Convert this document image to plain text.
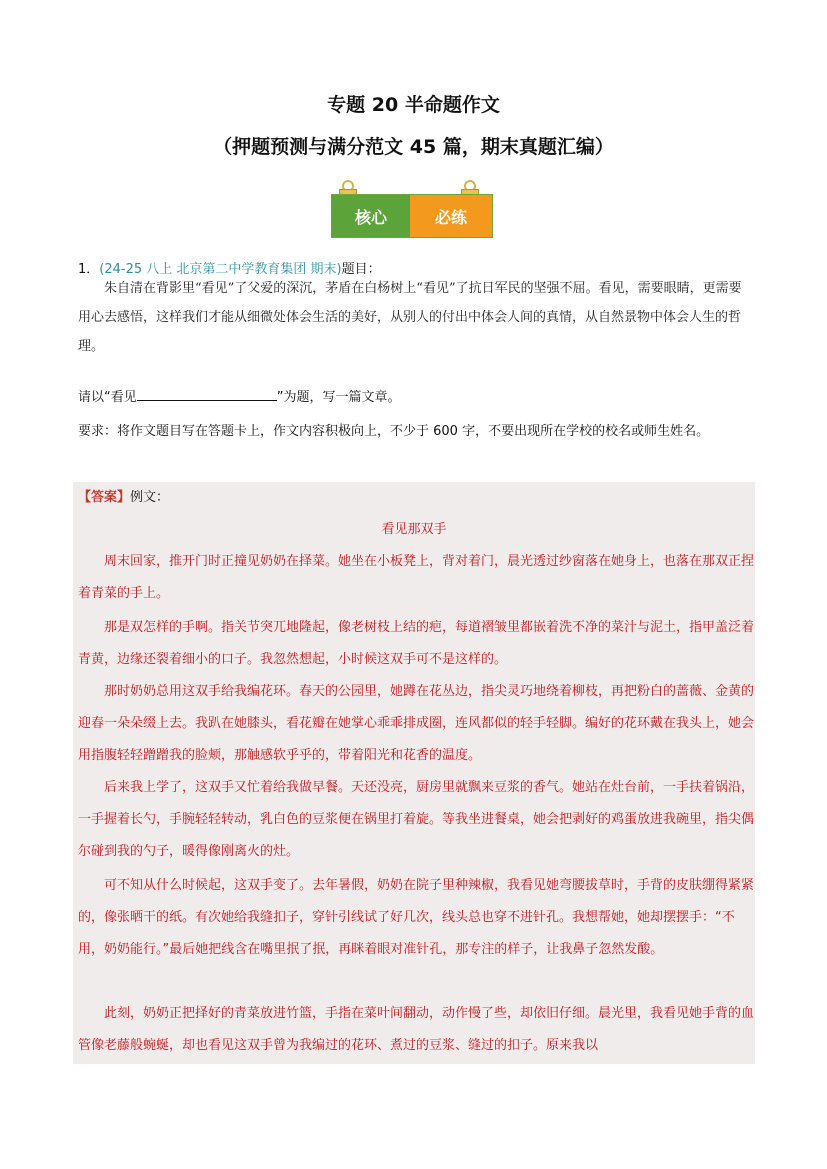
专题 20 半命题作文
（押题预测与满分范文 45 篇，期末真题汇编）
核心	必练
1．(24-25 八上 北京第二中学教育集团 期末)题目：

朱自清在背影里“看见”了父爱的深沉，茅盾在白杨树上“看见”了抗日军民的坚强不屈。看见，需要眼睛，更需要用心去感悟，这样我们才能从细微处体会生活的美好，从别人的付出中体会人间的真情，从自然景物中体会人生的哲理。

请以“看见	”为题，写一篇文章。
要求：将作文题目写在答题卡上，作文内容积极向上，不少于 600 字，不要出现所在学校的校名或师生姓名。
【答案】例文：
看见那双手

周末回家，推开门时正撞见奶奶在择菜。她坐在小板凳上，背对着门，晨光透过纱窗落在她身上，也落在那双正捏着青菜的手上。

那是双怎样的手啊。指关节突兀地隆起，像老树枝上结的疤，每道褶皱里都嵌着洗不净的菜汁与泥土，指甲盖泛着青黄，边缘还裂着细小的口子。我忽然想起，小时候这双手可不是这样的。

那时奶奶总用这双手给我编花环。春天的公园里，她蹲在花丛边，指尖灵巧地绕着柳枝，再把粉白的蔷薇、金黄的迎春一朵朵缀上去。我趴在她膝头，看花瓣在她掌心乖乖排成圈，连风都似的轻手轻脚。编好的花环戴在我头上，她会用指腹轻轻蹭蹭我的脸颊，那触感软乎乎的，带着阳光和花香的温度。

后来我上学了，这双手又忙着给我做早餐。天还没亮，厨房里就飘来豆浆的香气。她站在灶台前，一手扶着锅沿，一手握着长勺，手腕轻轻转动，乳白色的豆浆便在锅里打着旋。等我坐进餐桌，她会把剥好的鸡蛋放进我碗里，指尖偶尔碰到我的勺子，暖得像刚离火的灶。

可不知从什么时候起，这双手变了。去年暑假，奶奶在院子里种辣椒，我看见她弯腰拔草时，手背的皮肤绷得紧紧的，像张晒干的纸。有次她给我缝扣子，穿针引线试了好几次，线头总也穿不进针孔。我想帮她，她却摆摆手：“不用，奶奶能行。”最后她把线含在嘴里抿了抿，再眯着眼对准针孔，那专注的样子，让我鼻子忽然发酸。

此刻，奶奶正把择好的青菜放进竹篮，手指在菜叶间翻动，动作慢了些，却依旧仔细。晨光里，我看见她手背的血管像老藤般蜿蜒，却也看见这双手曾为我编过的花环、煮过的豆浆、缝过的扣子。原来我以
